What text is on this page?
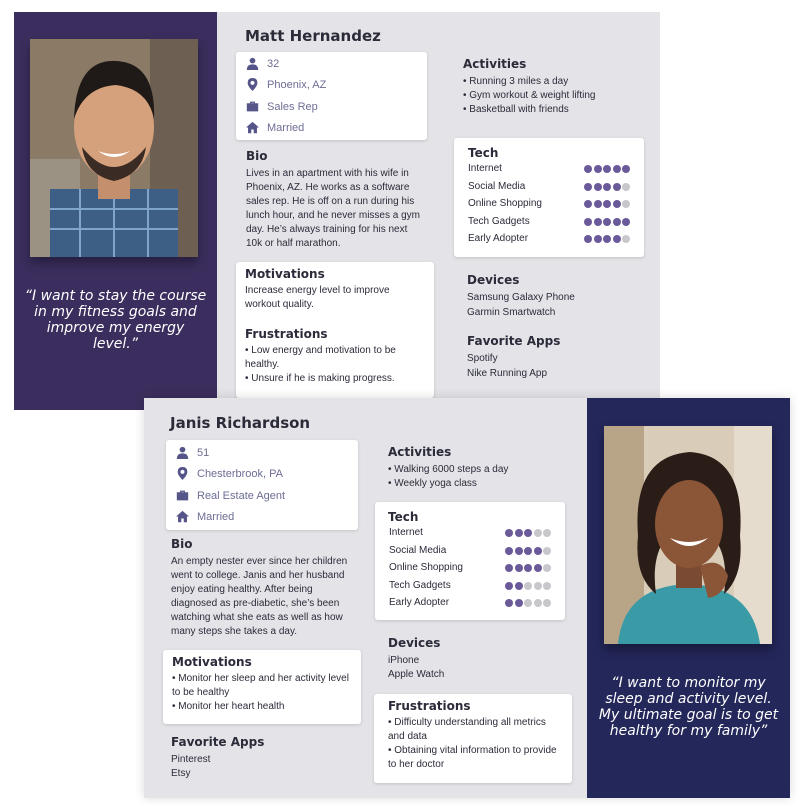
“I want to stay the course in my fitness goals and improve my energy level.”
Matt Hernandez
32
Phoenix, AZ
Sales Rep
Married
Bio
Lives in an apartment with his wife in Phoenix, AZ. He works as a software sales rep. He is off on a run during his lunch hour, and he never misses a gym day. He’s always training for his next 10k or half marathon.
Motivations
Increase energy level to improve workout quality.
Frustrations
• Low energy and motivation to be healthy.
• Unsure if he is making progress.
Activities
• Running 3 miles a day
• Gym workout & weight lifting
• Basketball with friends
Tech
Internet
Social Media
Online Shopping
Tech Gadgets
Early Adopter
Devices
Samsung Galaxy Phone
Garmin Smartwatch
Favorite Apps
Spotify
Nike Running App
“I want to monitor my sleep and activity level. My ultimate goal is to get healthy for my family”
Janis Richardson
51
Chesterbrook, PA
Real Estate Agent
Married
Bio
An empty nester ever since her children went to college. Janis and her husband enjoy eating healthy. After being diagnosed as pre-diabetic, she’s been watching what she eats as well as how many steps she takes a day.
Motivations
• Monitor her sleep and her activity level to be healthy
• Monitor her heart health
Favorite Apps
Pinterest
Etsy
Activities
• Walking 6000 steps a day
• Weekly yoga class
Tech
Internet
Social Media
Online Shopping
Tech Gadgets
Early Adopter
Devices
iPhone
Apple Watch
Frustrations
• Difficulty understanding all metrics and data
• Obtaining vital information to provide to her doctor
